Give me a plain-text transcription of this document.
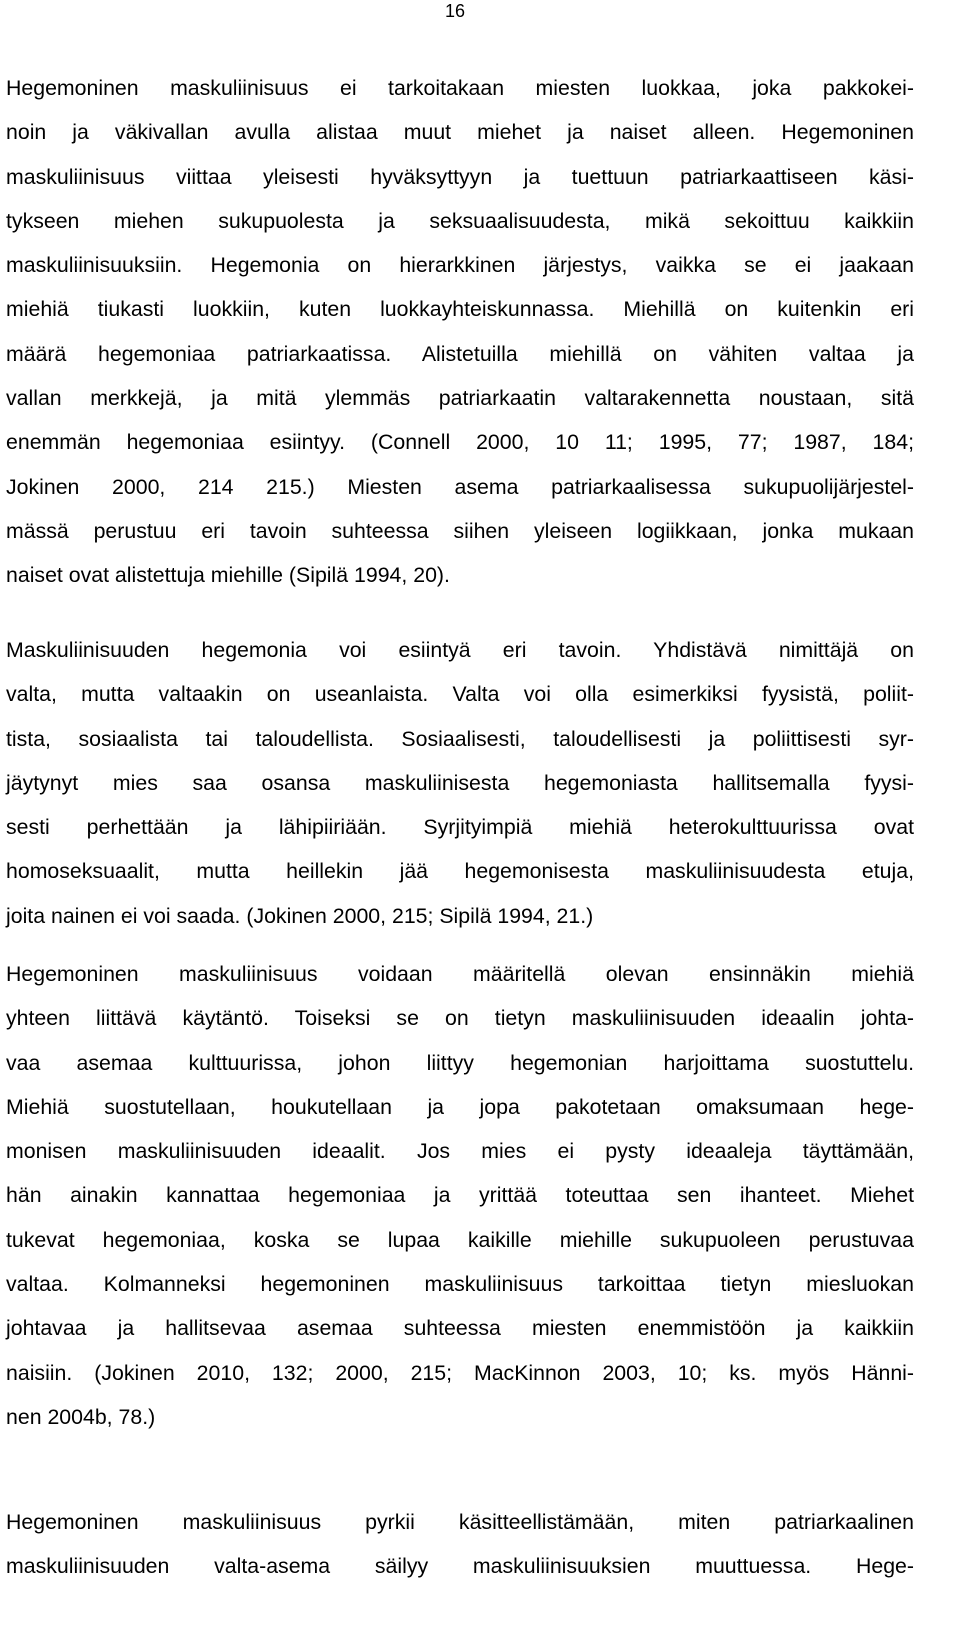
16
Hegemoninen maskuliinisuus ei tarkoitakaan miesten luokkaa, joka pakkokei-
noin ja väkivallan avulla alistaa muut miehet ja naiset alleen. Hegemoninen
maskuliinisuus viittaa yleisesti hyväksyttyyn ja tuettuun patriarkaattiseen käsi-
tykseen miehen sukupuolesta ja seksuaalisuudesta, mikä sekoittuu kaikkiin
maskuliinisuuksiin. Hegemonia on hierarkkinen järjestys, vaikka se ei jaakaan
miehiä tiukasti luokkiin, kuten luokkayhteiskunnassa. Miehillä on kuitenkin eri
määrä hegemoniaa patriarkaatissa. Alistetuilla miehillä on vähiten valtaa ja
vallan merkkejä, ja mitä ylemmäs patriarkaatin valtarakennetta noustaan, sitä
enemmän hegemoniaa esiintyy. (Connell 2000, 10 11; 1995, 77; 1987, 184;
Jokinen 2000, 214 215.) Miesten asema patriarkaalisessa sukupuolijärjestel-
mässä perustuu eri tavoin suhteessa siihen yleiseen logiikkaan, jonka mukaan
naiset ovat alistettuja miehille (Sipilä 1994, 20).
Maskuliinisuuden hegemonia voi esiintyä eri tavoin. Yhdistävä nimittäjä on
valta, mutta valtaakin on useanlaista. Valta voi olla esimerkiksi fyysistä, poliit-
tista, sosiaalista tai taloudellista. Sosiaalisesti, taloudellisesti ja poliittisesti syr-
jäytynyt mies saa osansa maskuliinisesta hegemoniasta hallitsemalla fyysi-
sesti perhettään ja lähipiiriään. Syrjityimpiä miehiä heterokulttuurissa ovat
homoseksuaalit, mutta heillekin jää hegemonisesta maskuliinisuudesta etuja,
joita nainen ei voi saada. (Jokinen 2000, 215; Sipilä 1994, 21.)
Hegemoninen maskuliinisuus voidaan määritellä olevan ensinnäkin miehiä
yhteen liittävä käytäntö. Toiseksi se on tietyn maskuliinisuuden ideaalin johta-
vaa asemaa kulttuurissa, johon liittyy hegemonian harjoittama suostuttelu.
Miehiä suostutellaan, houkutellaan ja jopa pakotetaan omaksumaan hege-
monisen maskuliinisuuden ideaalit. Jos mies ei pysty ideaaleja täyttämään,
hän ainakin kannattaa hegemoniaa ja yrittää toteuttaa sen ihanteet. Miehet
tukevat hegemoniaa, koska se lupaa kaikille miehille sukupuoleen perustuvaa
valtaa. Kolmanneksi hegemoninen maskuliinisuus tarkoittaa tietyn miesluokan
johtavaa ja hallitsevaa asemaa suhteessa miesten enemmistöön ja kaikkiin
naisiin. (Jokinen 2010, 132; 2000, 215; MacKinnon 2003, 10; ks. myös Hänni-
nen 2004b, 78.)
Hegemoninen maskuliinisuus pyrkii käsitteellistämään, miten patriarkaalinen
maskuliinisuuden valta-asema säilyy maskuliinisuuksien muuttuessa. Hege-
